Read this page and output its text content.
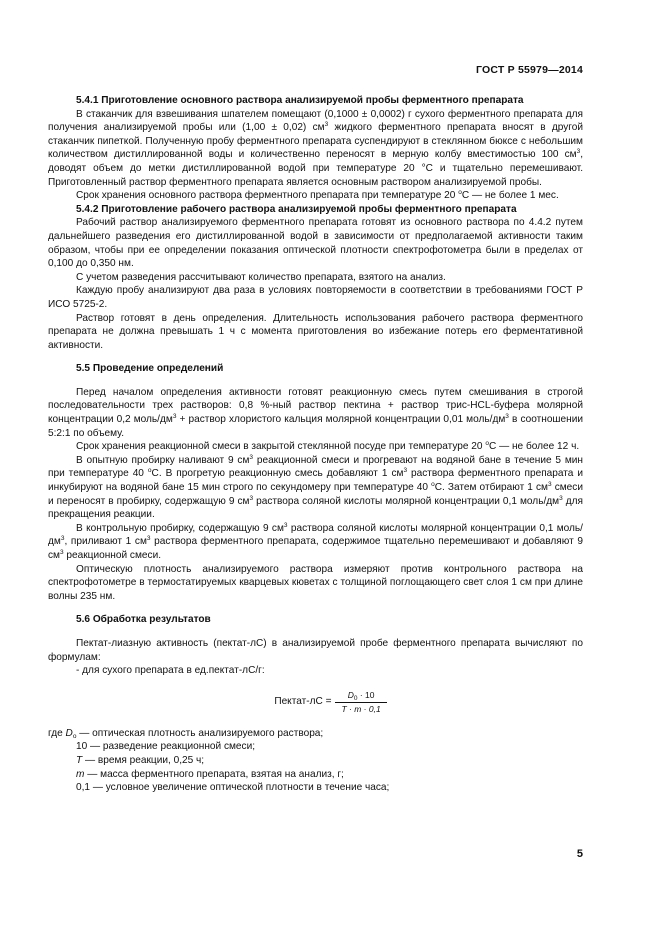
ГОСТ Р 55979—2014

5.4.1 Приготовление основного раствора анализируемой пробы ферментного препарата

В стаканчик для взвешивания шпателем помещают (0,1000 ± 0,0002) г сухого ферментного препарата для получения анализируемой пробы или (1,00 ± 0,02) $см^3$ жидкого ферментного препарата вносят в другой стаканчик пипеткой. Полученную пробу ферментного препарата суспендируют в стеклянном бюксе с небольшим количеством дистиллированной воды и количественно переносят в мерную колбу вместимостью 100 $см^3$, доводят объем до метки дистиллированной водой при температуре 20 °С и тщательно перемешивают. Приготовленный раствор ферментного препарата является основным раствором анализируемой пробы.

Срок хранения основного раствора ферментного препарата при температуре 20 $^о$С — не более 1 мес.

5.4.2 Приготовление рабочего раствора анализируемой пробы ферментного препарата

Рабочий раствор анализируемого ферментного препарата готовят из основного раствора по 4.4.2 путем дальнейшего разведения его дистиллированной водой в зависимости от предполагаемой активности таким образом, чтобы при ее определении показания оптической плотности спектрофотометра были в пределах от 0,100 до 0,350 нм.

С учетом разведения рассчитывают количество препарата, взятого на анализ.

Каждую пробу анализируют два раза в условиях повторяемости в соответствии в требованиями ГОСТ Р ИСО 5725-2.

Раствор готовят в день определения. Длительность использования рабочего раствора ферментного препарата не должна превышать 1 ч с момента приготовления во избежание потерь его ферментативной активности.

5.5 Проведение определений

Перед началом определения активности готовят реакционную смесь путем смешивания в строгой последовательности трех растворов: 0,8 %-ный раствор пектина + раствор трис-HCL-буфера молярной концентрации 0,2 моль/$дм^3$ + раствор хлористого кальция молярной концентрации 0,01 моль/$дм^3$ в соотношении 5:2:1 по объему.

Срок хранения реакционной смеси в закрытой стеклянной посуде при температуре 20 $^о$С — не более 12 ч.

В опытную пробирку наливают 9 $см^3$ реакционной смеси и прогревают на водяной бане в течение 5 мин при температуре 40 $^о$С. В прогретую реакционную смесь добавляют 1 $см^3$ раствора ферментного препарата и инкубируют на водяной бане 15 мин строго по секундомеру при температуре 40 $^о$С. Затем отбирают 1 $см^3$ смеси и переносят в пробирку, содержащую 9 $см^3$ раствора соляной кислоты молярной концентрации 0,1 моль/$дм^3$ для прекращения реакции.

В контрольную пробирку, содержащую 9 $см^3$ раствора соляной кислоты молярной концентрации 0,1 моль/$дм^3$, приливают 1 $см^3$ раствора ферментного препарата, содержимое тщательно перемешивают и добавляют 9 $см^3$ реакционной смеси.

Оптическую плотность анализируемого раствора измеряют против контрольного раствора на спектрофотометре в термостатируемых кварцевых кюветах с толщиной поглощающего свет слоя 1 см при длине волны 235 нм.

5.6 Обработка результатов

Пектат-лиазную активность (пектат-лС) в анализируемой пробе ферментного препарата вычисляют по формулам:

- для сухого препарата в ед.пектат-лС/г:

Пектат-лС = $\frac{D_0 \cdot 10}{T \cdot m \cdot 0,1}$

где $D_o$ — оптическая плотность анализируемого раствора;

10 — разведение реакционной смеси;

T — время реакции, 0,25 ч;

m — масса ферментного препарата, взятая на анализ, г;

0,1 — условное увеличение оптической плотности в течение часа;

5
